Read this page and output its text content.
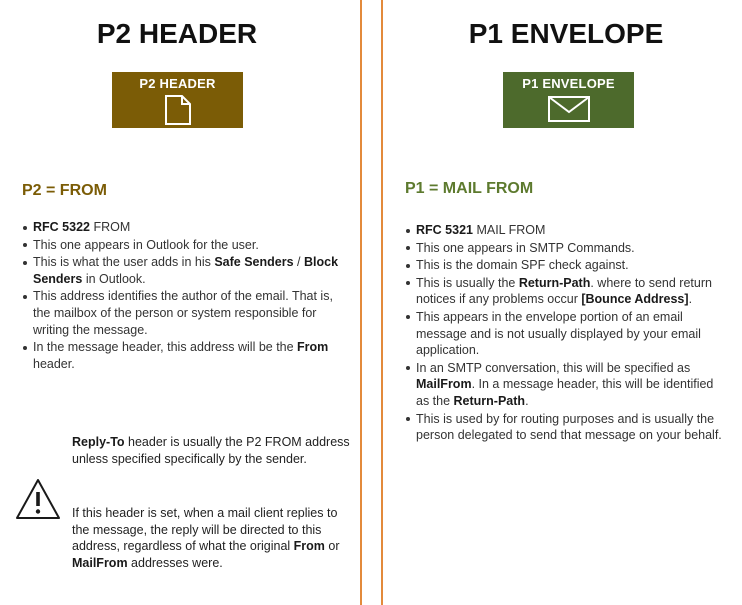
P2 HEADER
P2 HEADER
P2 = FROM
RFC 5322 FROM
This one appears in Outlook for the user.
This is what the user adds in his Safe Senders / Block Senders in Outlook.
This address identifies the author of the email. That is, the mailbox of the person or system responsible for writing the message.
In the message header, this address will be the From header.

Reply-To header is usually the P2 FROM address unless specified specifically by the sender.

If this header is set, when a mail client replies to the message, the reply will be directed to this address, regardless of what the original From or MailFrom addresses were.

P1 ENVELOPE
P1 ENVELOPE
P1 = MAIL FROM
RFC 5321 MAIL FROM
This one appears in SMTP Commands.
This is the domain SPF check against.
This is usually the Return-Path. where to send return notices if any problems occur [Bounce Address].
This appears in the envelope portion of an email message and is not usually displayed by your email application.
In an SMTP conversation, this will be specified as MailFrom. In a message header, this will be identified as the Return-Path.
This is used by for routing purposes and is usually the person delegated to send that message on your behalf.
